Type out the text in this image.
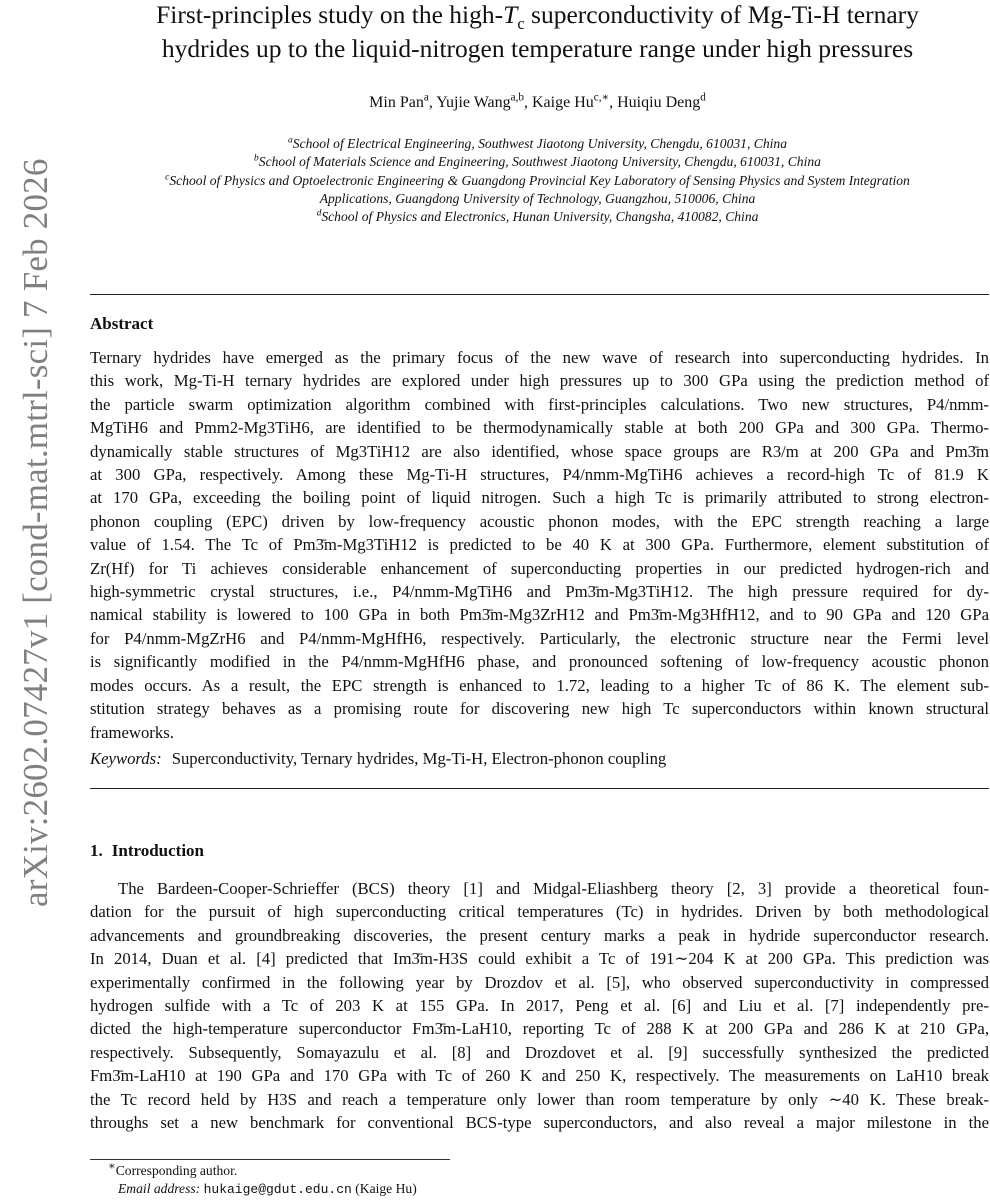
arXiv:2602.07427v1 [cond-mat.mtrl-sci] 7 Feb 2026
First-principles study on the high-$T_c$ superconductivity of Mg-Ti-H ternary
hydrides up to the liquid-nitrogen temperature range under high pressures
Min Pan$^a$, Yujie Wang$^{a,b}$, Kaige $Hu^{c,∗}$, Huiqiu Deng$^d$
$^a$School of Electrical Engineering, Southwest Jiaotong University, Chengdu, 610031, China
$^b$School of Materials Science and Engineering, Southwest Jiaotong University, Chengdu, 610031, China
$^c$School of Physics and Optoelectronic Engineering & Guangdong Provincial Key Laboratory of Sensing Physics and System Integration
Applications, Guangdong University of Technology, Guangzhou, 510006, China
$^d$School of Physics and Electronics, Hunan University, Changsha, 410082, China
Abstract
Ternary hydrides have emerged as the primary focus of the new wave of research into superconducting hydrides. In
this work, Mg-Ti-H ternary hydrides are explored under high pressures up to 300 GPa using the prediction method of
the particle swarm optimization algorithm combined with first-principles calculations. Two new structures, P4/nmm-
MgTiH6 and Pmm2-Mg3TiH6, are identified to be thermodynamically stable at both 200 GPa and 300 GPa. Thermo-
dynamically stable structures of Mg3TiH12 are also identified, whose space groups are R3/m at 200 GPa and Pm3̄m
at 300 GPa, respectively. Among these Mg-Ti-H structures, P4/nmm-MgTiH6 achieves a record-high Tc of 81.9 K
at 170 GPa, exceeding the boiling point of liquid nitrogen. Such a high Tc is primarily attributed to strong electron-
phonon coupling (EPC) driven by low-frequency acoustic phonon modes, with the EPC strength reaching a large
value of 1.54. The Tc of Pm3̄m-Mg3TiH12 is predicted to be 40 K at 300 GPa. Furthermore, element substitution of
Zr(Hf) for Ti achieves considerable enhancement of superconducting properties in our predicted hydrogen-rich and
high-symmetric crystal structures, i.e., P4/nmm-MgTiH6 and Pm3̄m-Mg3TiH12. The high pressure required for dy-
namical stability is lowered to 100 GPa in both Pm3̄m-Mg3ZrH12 and Pm3̄m-Mg3HfH12, and to 90 GPa and 120 GPa
for P4/nmm-MgZrH6 and P4/nmm-MgHfH6, respectively. Particularly, the electronic structure near the Fermi level
is significantly modified in the P4/nmm-MgHfH6 phase, and pronounced softening of low-frequency acoustic phonon
modes occurs. As a result, the EPC strength is enhanced to 1.72, leading to a higher Tc of 86 K. The element sub-
stitution strategy behaves as a promising route for discovering new high Tc superconductors within known structural
frameworks.
Keywords: Superconductivity, Ternary hydrides, Mg-Ti-H, Electron-phonon coupling
1. Introduction
The Bardeen-Cooper-Schrieffer (BCS) theory [1] and Midgal-Eliashberg theory [2, 3] provide a theoretical foun-
dation for the pursuit of high superconducting critical temperatures (Tc) in hydrides. Driven by both methodological
advancements and groundbreaking discoveries, the present century marks a peak in hydride superconductor research.
In 2014, Duan et al. [4] predicted that Im3̄m-H3S could exhibit a Tc of 191∼204 K at 200 GPa. This prediction was
experimentally confirmed in the following year by Drozdov et al. [5], who observed superconductivity in compressed
hydrogen sulfide with a Tc of 203 K at 155 GPa. In 2017, Peng et al. [6] and Liu et al. [7] independently pre-
dicted the high-temperature superconductor Fm3̄m-LaH10, reporting Tc of 288 K at 200 GPa and 286 K at 210 GPa,
respectively. Subsequently, Somayazulu et al. [8] and Drozdovet et al. [9] successfully synthesized the predicted
Fm3̄m-LaH10 at 190 GPa and 170 GPa with Tc of 260 K and 250 K, respectively. The measurements on LaH10 break
the Tc record held by H3S and reach a temperature only lower than room temperature by only ∼40 K. These break-
throughs set a new benchmark for conventional BCS-type superconductors, and also reveal a major milestone in the
∗Corresponding author.
Email address: hukaige@gdut.edu.cn (Kaige Hu)
